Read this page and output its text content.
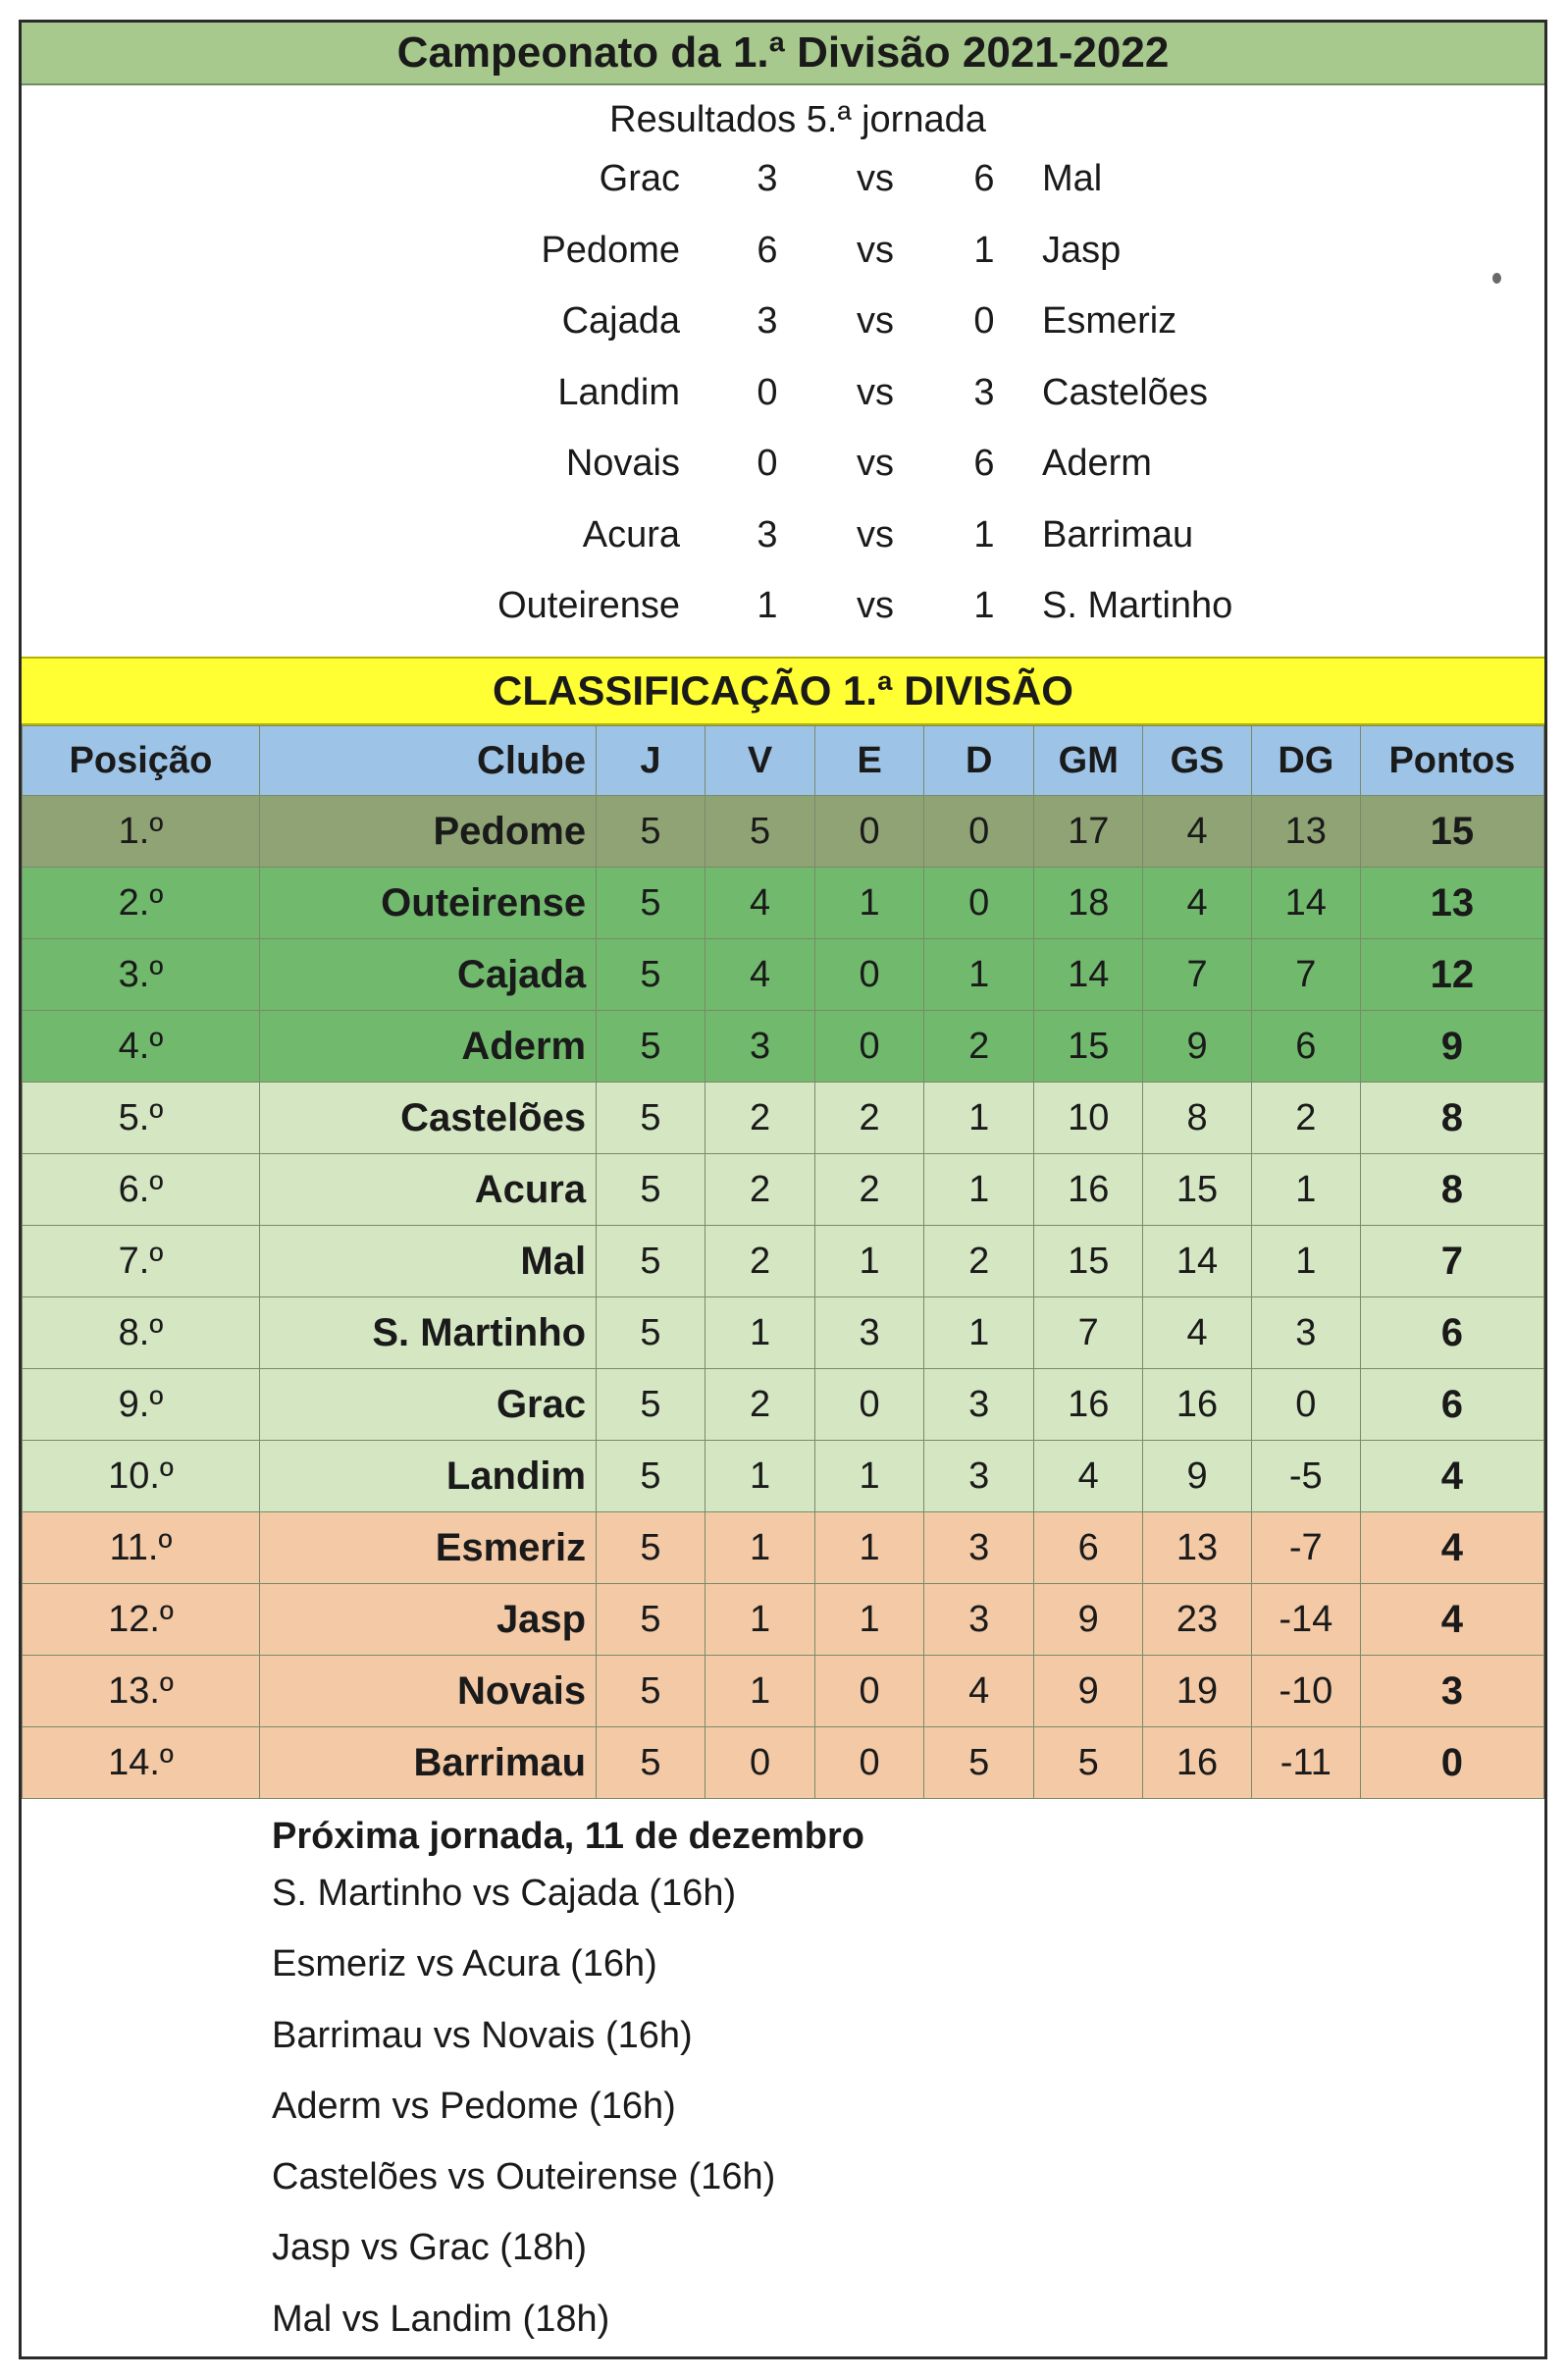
Campeonato da 1.ª Divisão 2021-2022
Resultados 5.ª jornada
Grac 3 vs 6 Mal
Pedome 6 vs 1 Jasp
Cajada 3 vs 0 Esmeriz
Landim 0 vs 3 Castelões
Novais 0 vs 6 Aderm
Acura 3 vs 1 Barrimau
Outeirense 1 vs 1 S. Martinho
CLASSIFICAÇÃO 1.ª DIVISÃO
Posição	Clube	J	V	E	D	GM	GS	DG	Pontos
1.º	Pedome	5	5	0	0	17	4	13	15
2.º	Outeirense	5	4	1	0	18	4	14	13
3.º	Cajada	5	4	0	1	14	7	7	12
4.º	Aderm	5	3	0	2	15	9	6	9
5.º	Castelões	5	2	2	1	10	8	2	8
6.º	Acura	5	2	2	1	16	15	1	8
7.º	Mal	5	2	1	2	15	14	1	7
8.º	S. Martinho	5	1	3	1	7	4	3	6
9.º	Grac	5	2	0	3	16	16	0	6
10.º	Landim	5	1	1	3	4	9	-5	4
11.º	Esmeriz	5	1	1	3	6	13	-7	4
12.º	Jasp	5	1	1	3	9	23	-14	4
13.º	Novais	5	1	0	4	9	19	-10	3
14.º	Barrimau	5	0	0	5	5	16	-11	0
Próxima jornada, 11 de dezembro
S. Martinho vs Cajada (16h)
Esmeriz vs Acura (16h)
Barrimau vs Novais (16h)
Aderm vs Pedome (16h)
Castelões vs Outeirense (16h)
Jasp vs Grac (18h)
Mal vs Landim (18h)
